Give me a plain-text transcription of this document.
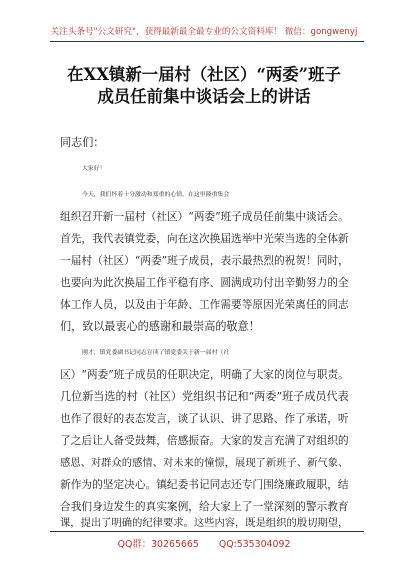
关注头条号"公文研究"，获得最新最全最专业的公文资料库！ 微信：gongwenyj
在XX镇新一届村（社区）“两委”班子
成员任前集中谈话会上的讲话
同志们：
大家好！
今天，我们怀着十分激动和郑重的心情，在这里隆重集会
组织召开新一届村（社区）“两委”班子成员任前集中谈话会。
首先，我代表镇党委，向在这次换届选举中光荣当选的全体新
一届村（社区）“两委”班子成员，表示最热烈的祝贺！同时，
也要向为此次换届工作平稳有序、圆满成功付出辛勤努力的全
体工作人员，以及由于年龄、工作需要等原因光荣离任的同志
们，致以最衷心的感谢和最崇高的敬意！
刚才，镇党委副书记同志宣读了镇党委关于新一届村（社
区）“两委”班子成员的任职决定，明确了大家的岗位与职责。
几位新当选的村（社区）党组织书记和“两委”班子成员代表
也作了很好的表态发言，谈了认识、讲了思路、作了承诺，听
了之后让人备受鼓舞，倍感振奋。大家的发言充满了对组织的
感恩、对群众的感情、对未来的憧憬，展现了新班子、新气象、
新作为的坚定决心。镇纪委书记同志还专门围绕廉政履职，结
合我们身边发生的真实案例，给大家上了一堂深刻的警示教育
课，提出了明确的纪律要求。这些内容，既是组织的殷切期望，
QQ群：30265665 QQ:535304092
